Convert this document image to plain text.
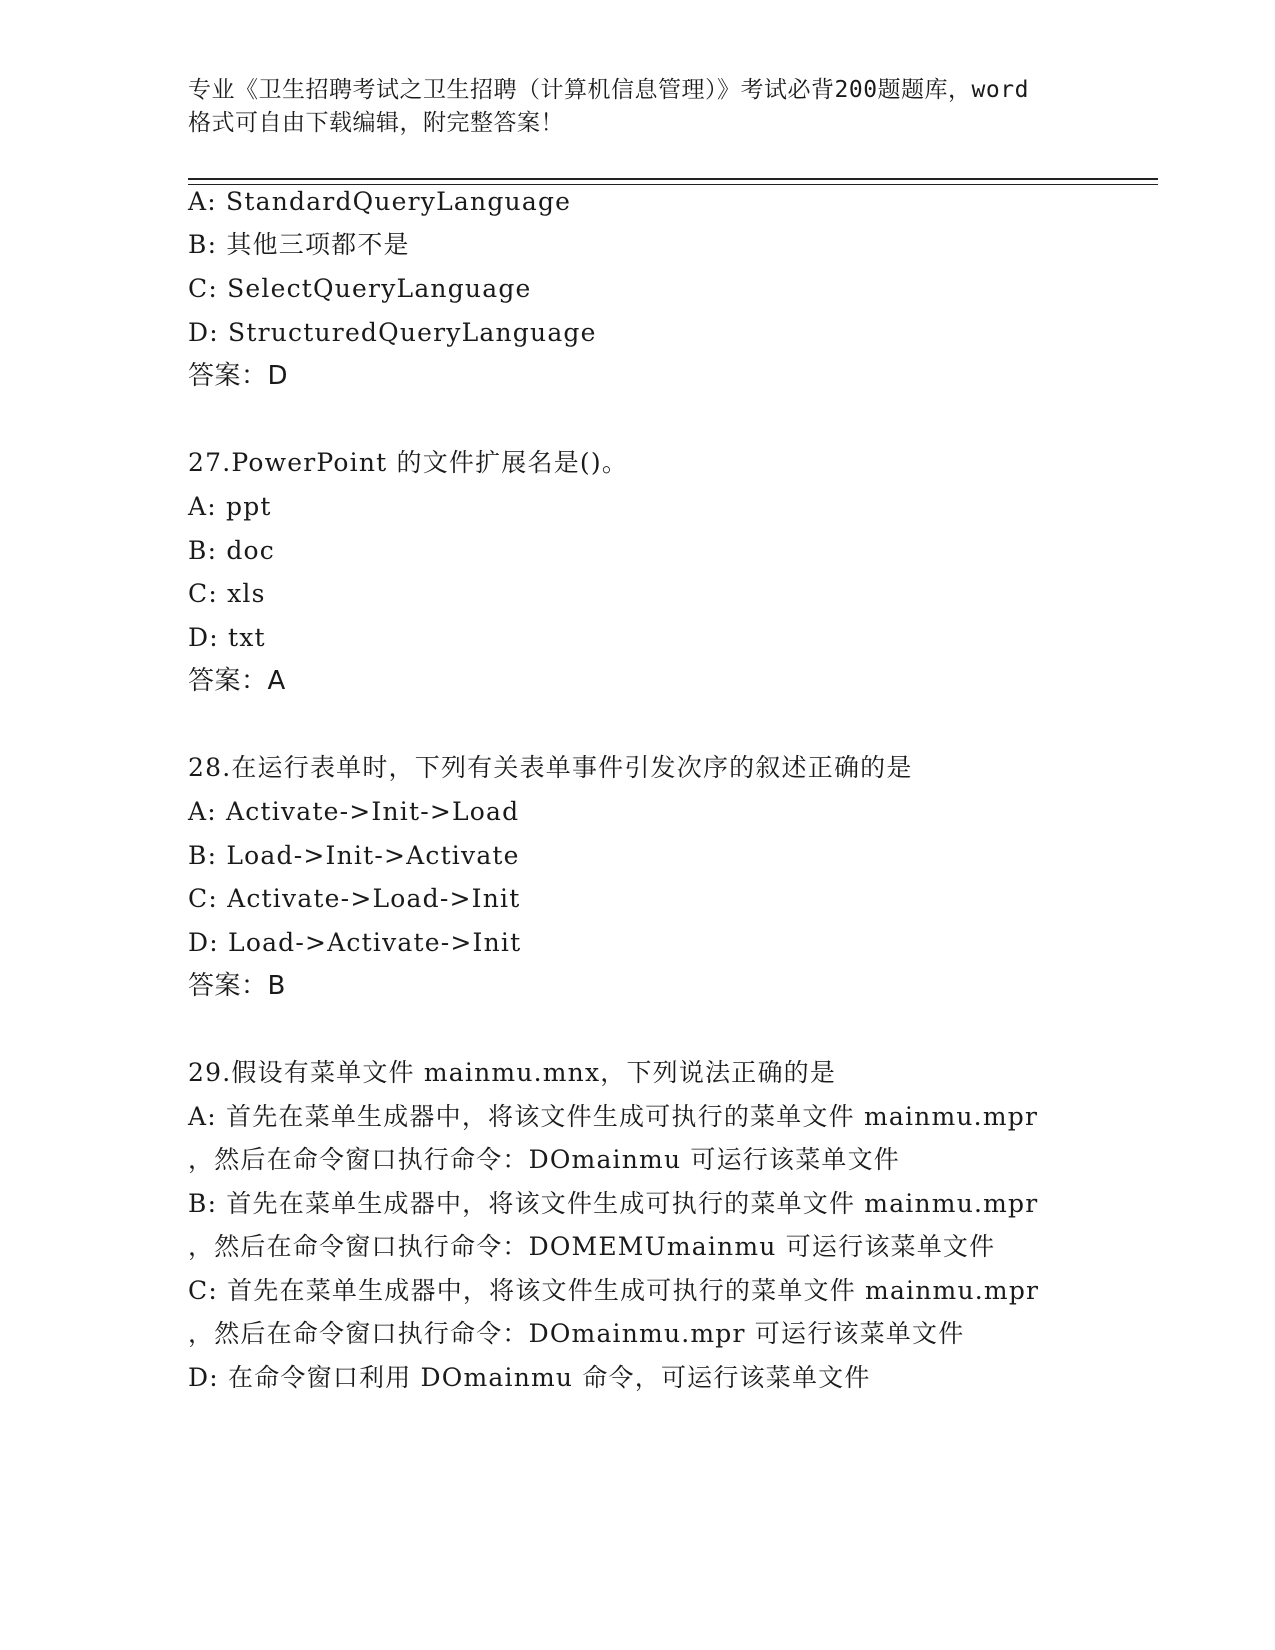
专业《卫生招聘考试之卫生招聘（计算机信息管理）》考试必背200题题库，word
格式可自由下载编辑，附完整答案！
A: StandardQueryLanguage
B: 其他三项都不是
C: SelectQueryLanguage
D: StructuredQueryLanguage
答案：D
27.PowerPoint 的文件扩展名是()。
A: ppt
B: doc
C: xls
D: txt
答案：A
28.在运行表单时，下列有关表单事件引发次序的叙述正确的是
A: Activate->Init->Load
B: Load->Init->Activate
C: Activate->Load->Init
D: Load->Activate->Init
答案：B
29.假设有菜单文件 mainmu.mnx，下列说法正确的是
A: 首先在菜单生成器中，将该文件生成可执行的菜单文件 mainmu.mpr
，然后在命令窗口执行命令：DOmainmu 可运行该菜单文件
B: 首先在菜单生成器中，将该文件生成可执行的菜单文件 mainmu.mpr
，然后在命令窗口执行命令：DOMEMUmainmu 可运行该菜单文件
C: 首先在菜单生成器中，将该文件生成可执行的菜单文件 mainmu.mpr
，然后在命令窗口执行命令：DOmainmu.mpr 可运行该菜单文件
D: 在命令窗口利用 DOmainmu 命令，可运行该菜单文件
